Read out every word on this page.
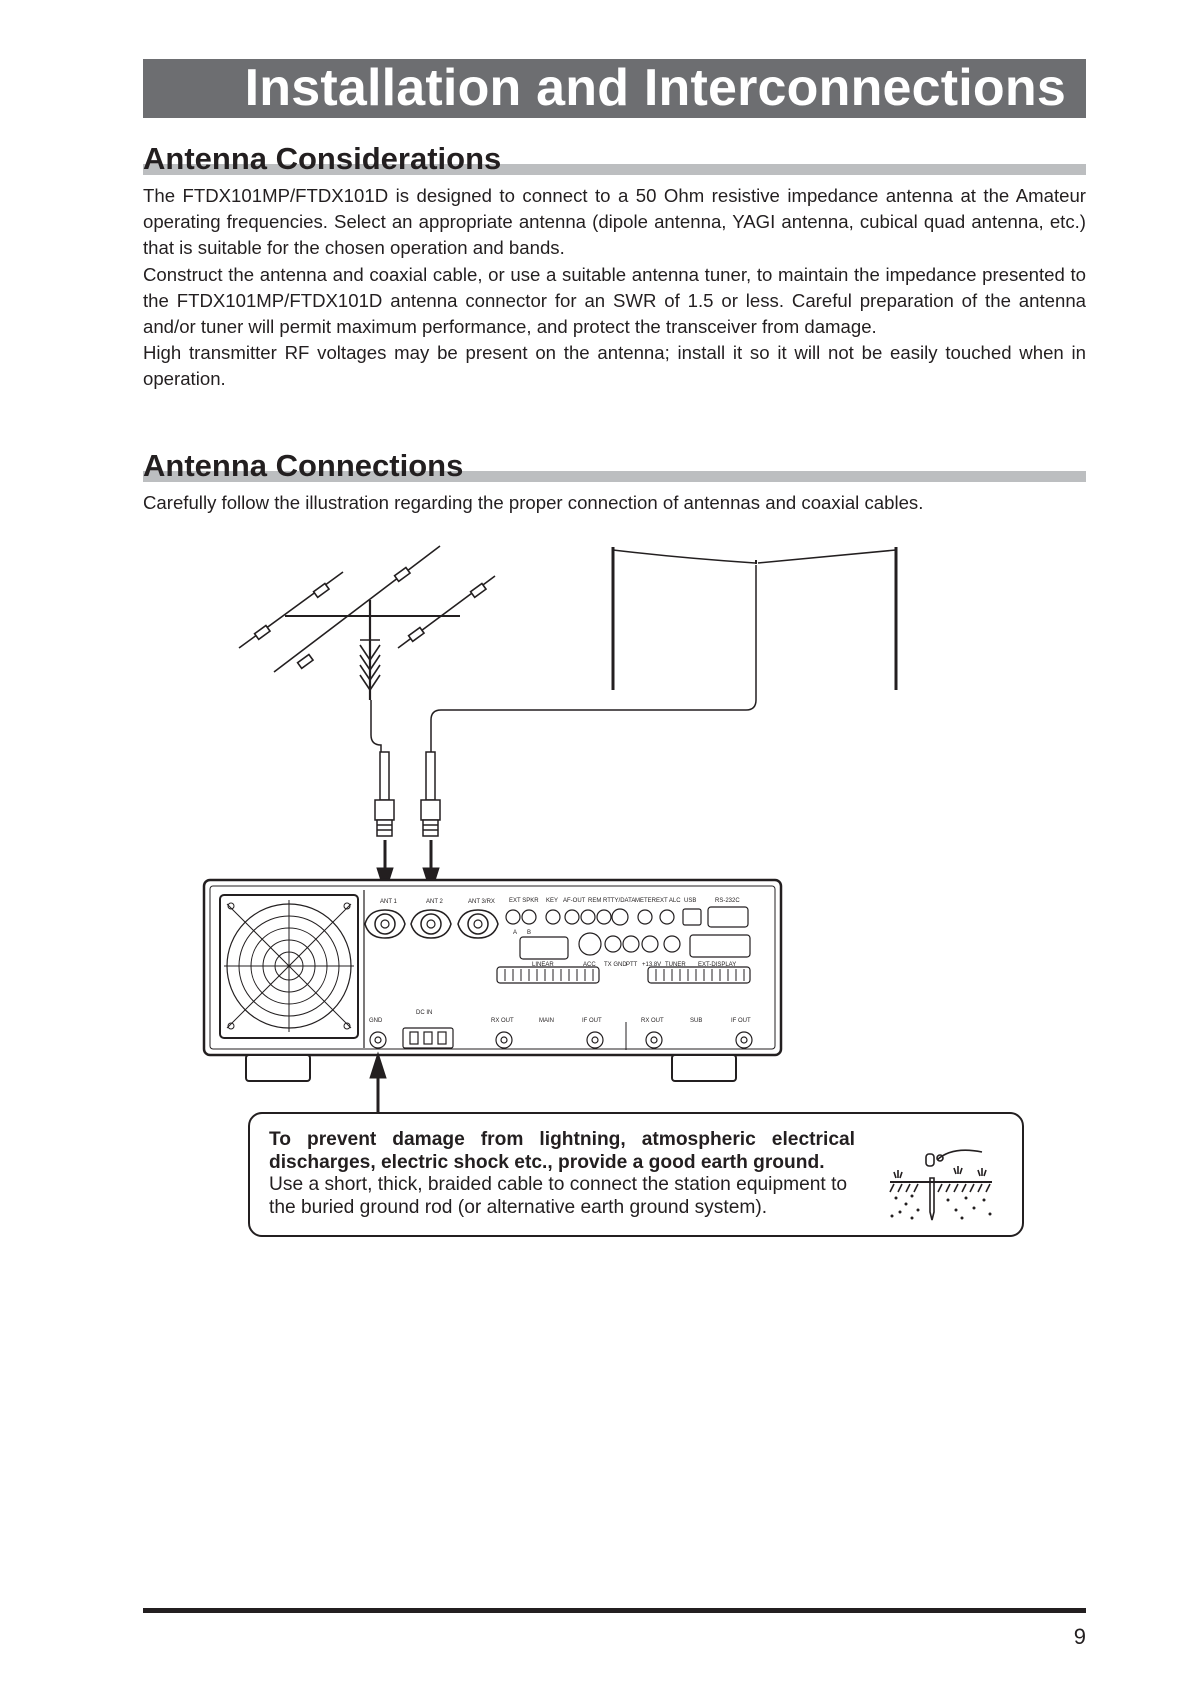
Installation and Interconnections
Antenna Considerations

The FTDX101MP/FTDX101D is designed to connect to a 50 Ohm resistive impedance antenna at the Amateur operating frequencies. Select an appropriate antenna (dipole antenna, YAGI antenna, cubical quad antenna, etc.) that is suitable for the chosen operation and bands.

Construct the antenna and coaxial cable, or use a suitable antenna tuner, to maintain the impedance presented to the FTDX101MP/FTDX101D antenna connector for an SWR of 1.5 or less. Careful preparation of the antenna and/or tuner will permit maximum performance, and protect the transceiver from damage.

High transmitter RF voltages may be present on the antenna; install it so it will not be easily touched when in operation.

Antenna Connections

Carefully follow the illustration regarding the proper connection of antennas and coaxial cables.

ANT 1	ANT 2	ANT 3/RX EXT SPKR KEY AF-OUT REM RTTY/DATA METER EXT ALC USB	RS-232C
A B
LINEAR	ACC TX GND PTT +13.8V TUNER EXT-DISPLAY
GND
DC IN
RX OUT	MAIN	IF OUT	RX OUT	SUB	IF OUT
To prevent damage from lightning, atmospheric electrical discharges, electric shock etc., provide a good earth ground.
Use a short, thick, braided cable to connect the station equipment to the buried ground rod (or alternative earth ground system).
9
